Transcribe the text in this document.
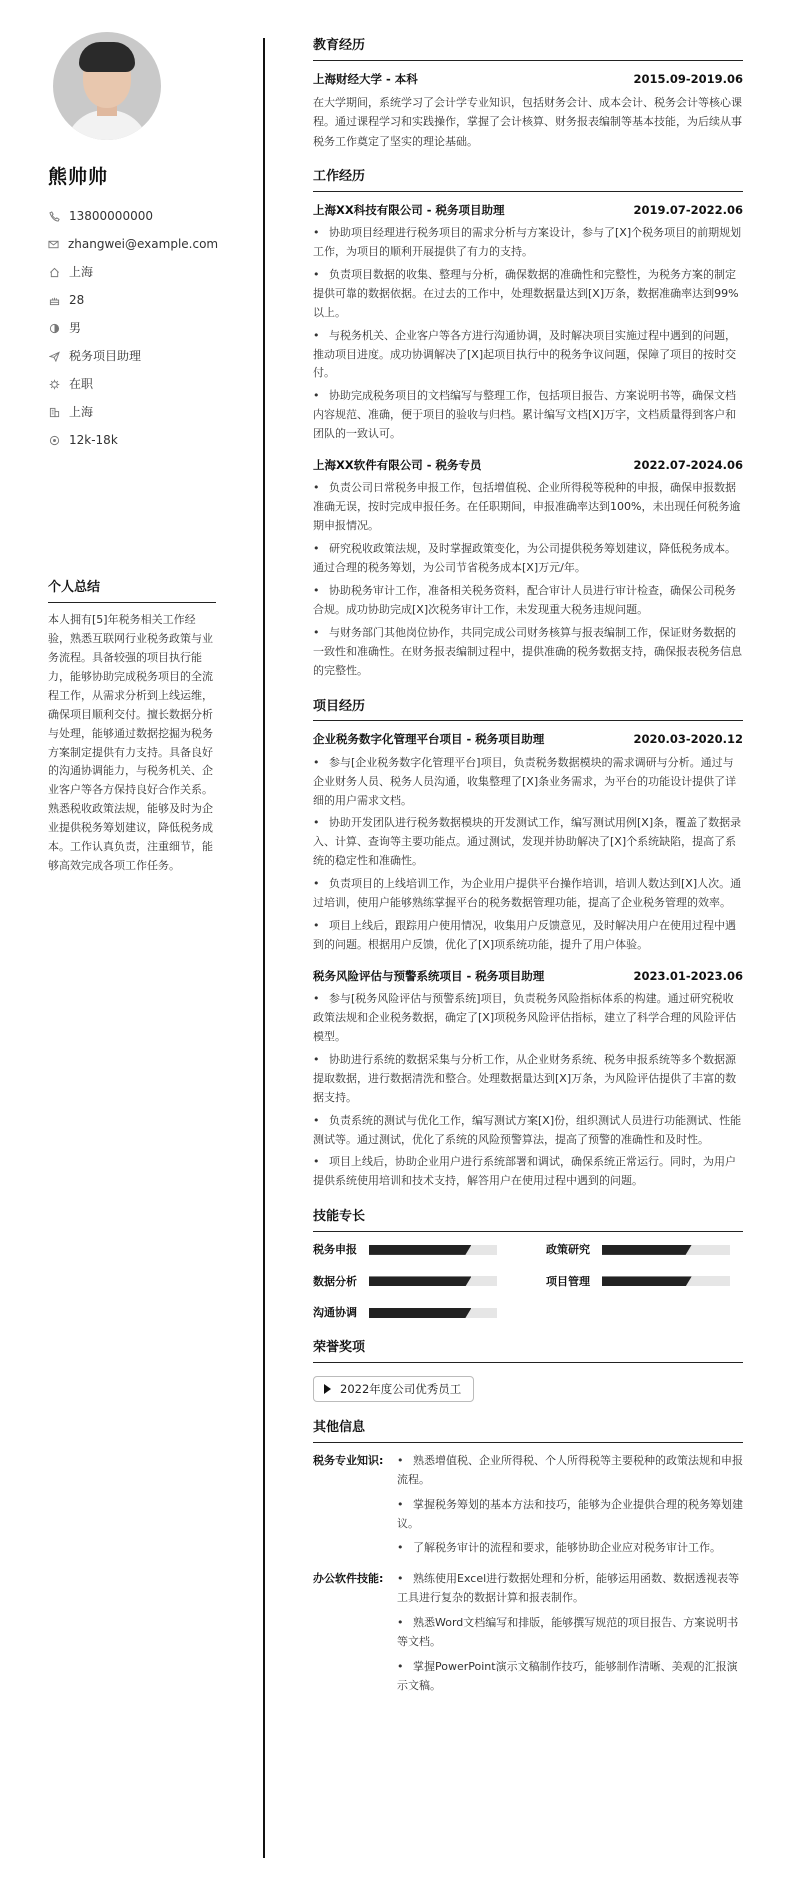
熊帅帅
13800000000
zhangwei@example.com
上海
28
男
税务项目助理
在职
上海
12k-18k
个人总结

本人拥有[5]年税务相关工作经验，熟悉互联网行业税务政策与业务流程。具备较强的项目执行能力，能够协助完成税务项目的全流程工作，从需求分析到上线运维，确保项目顺利交付。擅长数据分析与处理，能够通过数据挖掘为税务方案制定提供有力支持。具备良好的沟通协调能力，与税务机关、企业客户等各方保持良好合作关系。熟悉税收政策法规，能够及时为企业提供税务筹划建议，降低税务成本。工作认真负责，注重细节，能够高效完成各项工作任务。

教育经历
上海财经大学 - 本科	2015.09-2019.06

在大学期间，系统学习了会计学专业知识，包括财务会计、成本会计、税务会计等核心课程。通过课程学习和实践操作，掌握了会计核算、财务报表编制等基本技能，为后续从事税务工作奠定了坚实的理论基础。

工作经历
上海XX科技有限公司 - 税务项目助理	2019.07-2022.06
• 协助项目经理进行税务项目的需求分析与方案设计，参与了[X]个税务项目的前期规划工作，为项目的顺利开展提供了有力的支持。
• 负责项目数据的收集、整理与分析，确保数据的准确性和完整性，为税务方案的制定提供可靠的数据依据。在过去的工作中，处理数据量达到[X]万条，数据准确率达到99%以上。
• 与税务机关、企业客户等各方进行沟通协调，及时解决项目实施过程中遇到的问题，推动项目进度。成功协调解决了[X]起项目执行中的税务争议问题，保障了项目的按时交付。
• 协助完成税务项目的文档编写与整理工作，包括项目报告、方案说明书等，确保文档内容规范、准确，便于项目的验收与归档。累计编写文档[X]万字，文档质量得到客户和团队的一致认可。
上海XX软件有限公司 - 税务专员	2022.07-2024.06
• 负责公司日常税务申报工作，包括增值税、企业所得税等税种的申报，确保申报数据准确无误，按时完成申报任务。在任职期间，申报准确率达到100%，未出现任何税务逾期申报情况。
• 研究税收政策法规，及时掌握政策变化，为公司提供税务筹划建议，降低税务成本。通过合理的税务筹划，为公司节省税务成本[X]万元/年。
• 协助税务审计工作，准备相关税务资料，配合审计人员进行审计检查，确保公司税务合规。成功协助完成[X]次税务审计工作，未发现重大税务违规问题。
• 与财务部门其他岗位协作，共同完成公司财务核算与报表编制工作，保证财务数据的一致性和准确性。在财务报表编制过程中，提供准确的税务数据支持，确保报表税务信息的完整性。
项目经历
企业税务数字化管理平台项目 - 税务项目助理	2020.03-2020.12
• 参与[企业税务数字化管理平台]项目，负责税务数据模块的需求调研与分析。通过与企业财务人员、税务人员沟通，收集整理了[X]条业务需求，为平台的功能设计提供了详细的用户需求文档。
• 协助开发团队进行税务数据模块的开发测试工作，编写测试用例[X]条，覆盖了数据录入、计算、查询等主要功能点。通过测试，发现并协助解决了[X]个系统缺陷，提高了系统的稳定性和准确性。
• 负责项目的上线培训工作，为企业用户提供平台操作培训，培训人数达到[X]人次。通过培训，使用户能够熟练掌握平台的税务数据管理功能，提高了企业税务管理的效率。
• 项目上线后，跟踪用户使用情况，收集用户反馈意见，及时解决用户在使用过程中遇到的问题。根据用户反馈，优化了[X]项系统功能，提升了用户体验。
税务风险评估与预警系统项目 - 税务项目助理	2023.01-2023.06
• 参与[税务风险评估与预警系统]项目，负责税务风险指标体系的构建。通过研究税收政策法规和企业税务数据，确定了[X]项税务风险评估指标，建立了科学合理的风险评估模型。
• 协助进行系统的数据采集与分析工作，从企业财务系统、税务申报系统等多个数据源提取数据，进行数据清洗和整合。处理数据量达到[X]万条，为风险评估提供了丰富的数据支持。
• 负责系统的测试与优化工作，编写测试方案[X]份，组织测试人员进行功能测试、性能测试等。通过测试，优化了系统的风险预警算法，提高了预警的准确性和及时性。
• 项目上线后，协助企业用户进行系统部署和调试，确保系统正常运行。同时，为用户提供系统使用培训和技术支持，解答用户在使用过程中遇到的问题。
技能专长
税务申报	政策研究
数据分析	项目管理
沟通协调
荣誉奖项
2022年度公司优秀员工
其他信息
税务专业知识:	• 熟悉增值税、企业所得税、个人所得税等主要税种的政策法规和申报流程。
• 掌握税务筹划的基本方法和技巧，能够为企业提供合理的税务筹划建议。
• 了解税务审计的流程和要求，能够协助企业应对税务审计工作。
办公软件技能:	• 熟练使用Excel进行数据处理和分析，能够运用函数、数据透视表等工具进行复杂的数据计算和报表制作。
• 熟悉Word文档编写和排版，能够撰写规范的项目报告、方案说明书等文档。
• 掌握PowerPoint演示文稿制作技巧，能够制作清晰、美观的汇报演示文稿。
